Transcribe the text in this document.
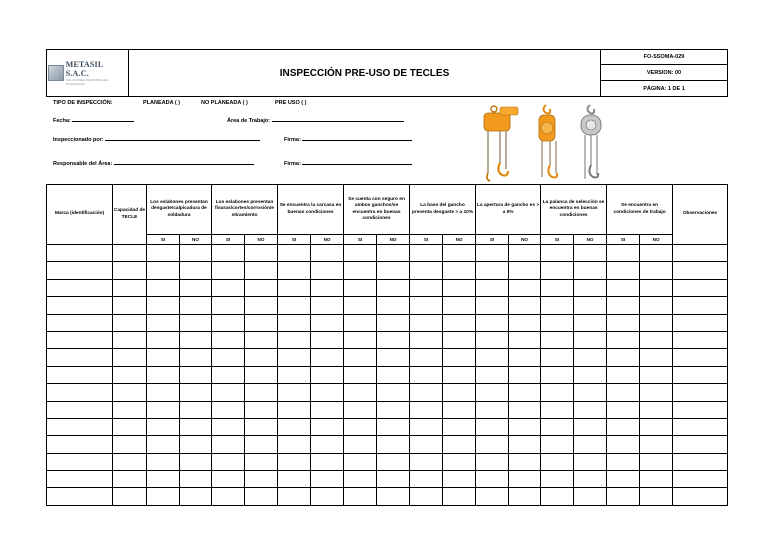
METASIL S.A.C.
SOLUCIONES INDUSTRIALES INTEGRALES
	INSPECCIÓN PRE-USO DE TECLES	FO-SSOMA-029
VERSION: 00
PÁGINA: 1 DE 1
TIPO DE INSPECCIÓN:	PLANEADA ( )	NO PLANEADA ( )	PRE USO ( )
Fecha:	Área de Trabajo:
Inspeccionado por:	Firma:
Responsable del Área:	Firma:
Marca (identificación)	Capacidad de TECLE	Los eslabones presentan desgaste/calpicadura de soldadura		Los eslabones presentan fisuras/cortes/corrosión/e stiramiento		Se encuentra la carcasa en buenas condiciones		Se cuenta con seguro en ambos ganchos/se encuentra en buenas condiciones		La base del gancho presenta desgaste > a 10%		La apertura de gancho es > a 5%		La palanca de selección se encuentra en buenas condiciones		Se encuentra en condiciones de trabajo		Observaciones
		SI	NO	SI	NO	SI	NO	SI	NO	SI	NO	SI	NO	SI	NO	SI	NO	
